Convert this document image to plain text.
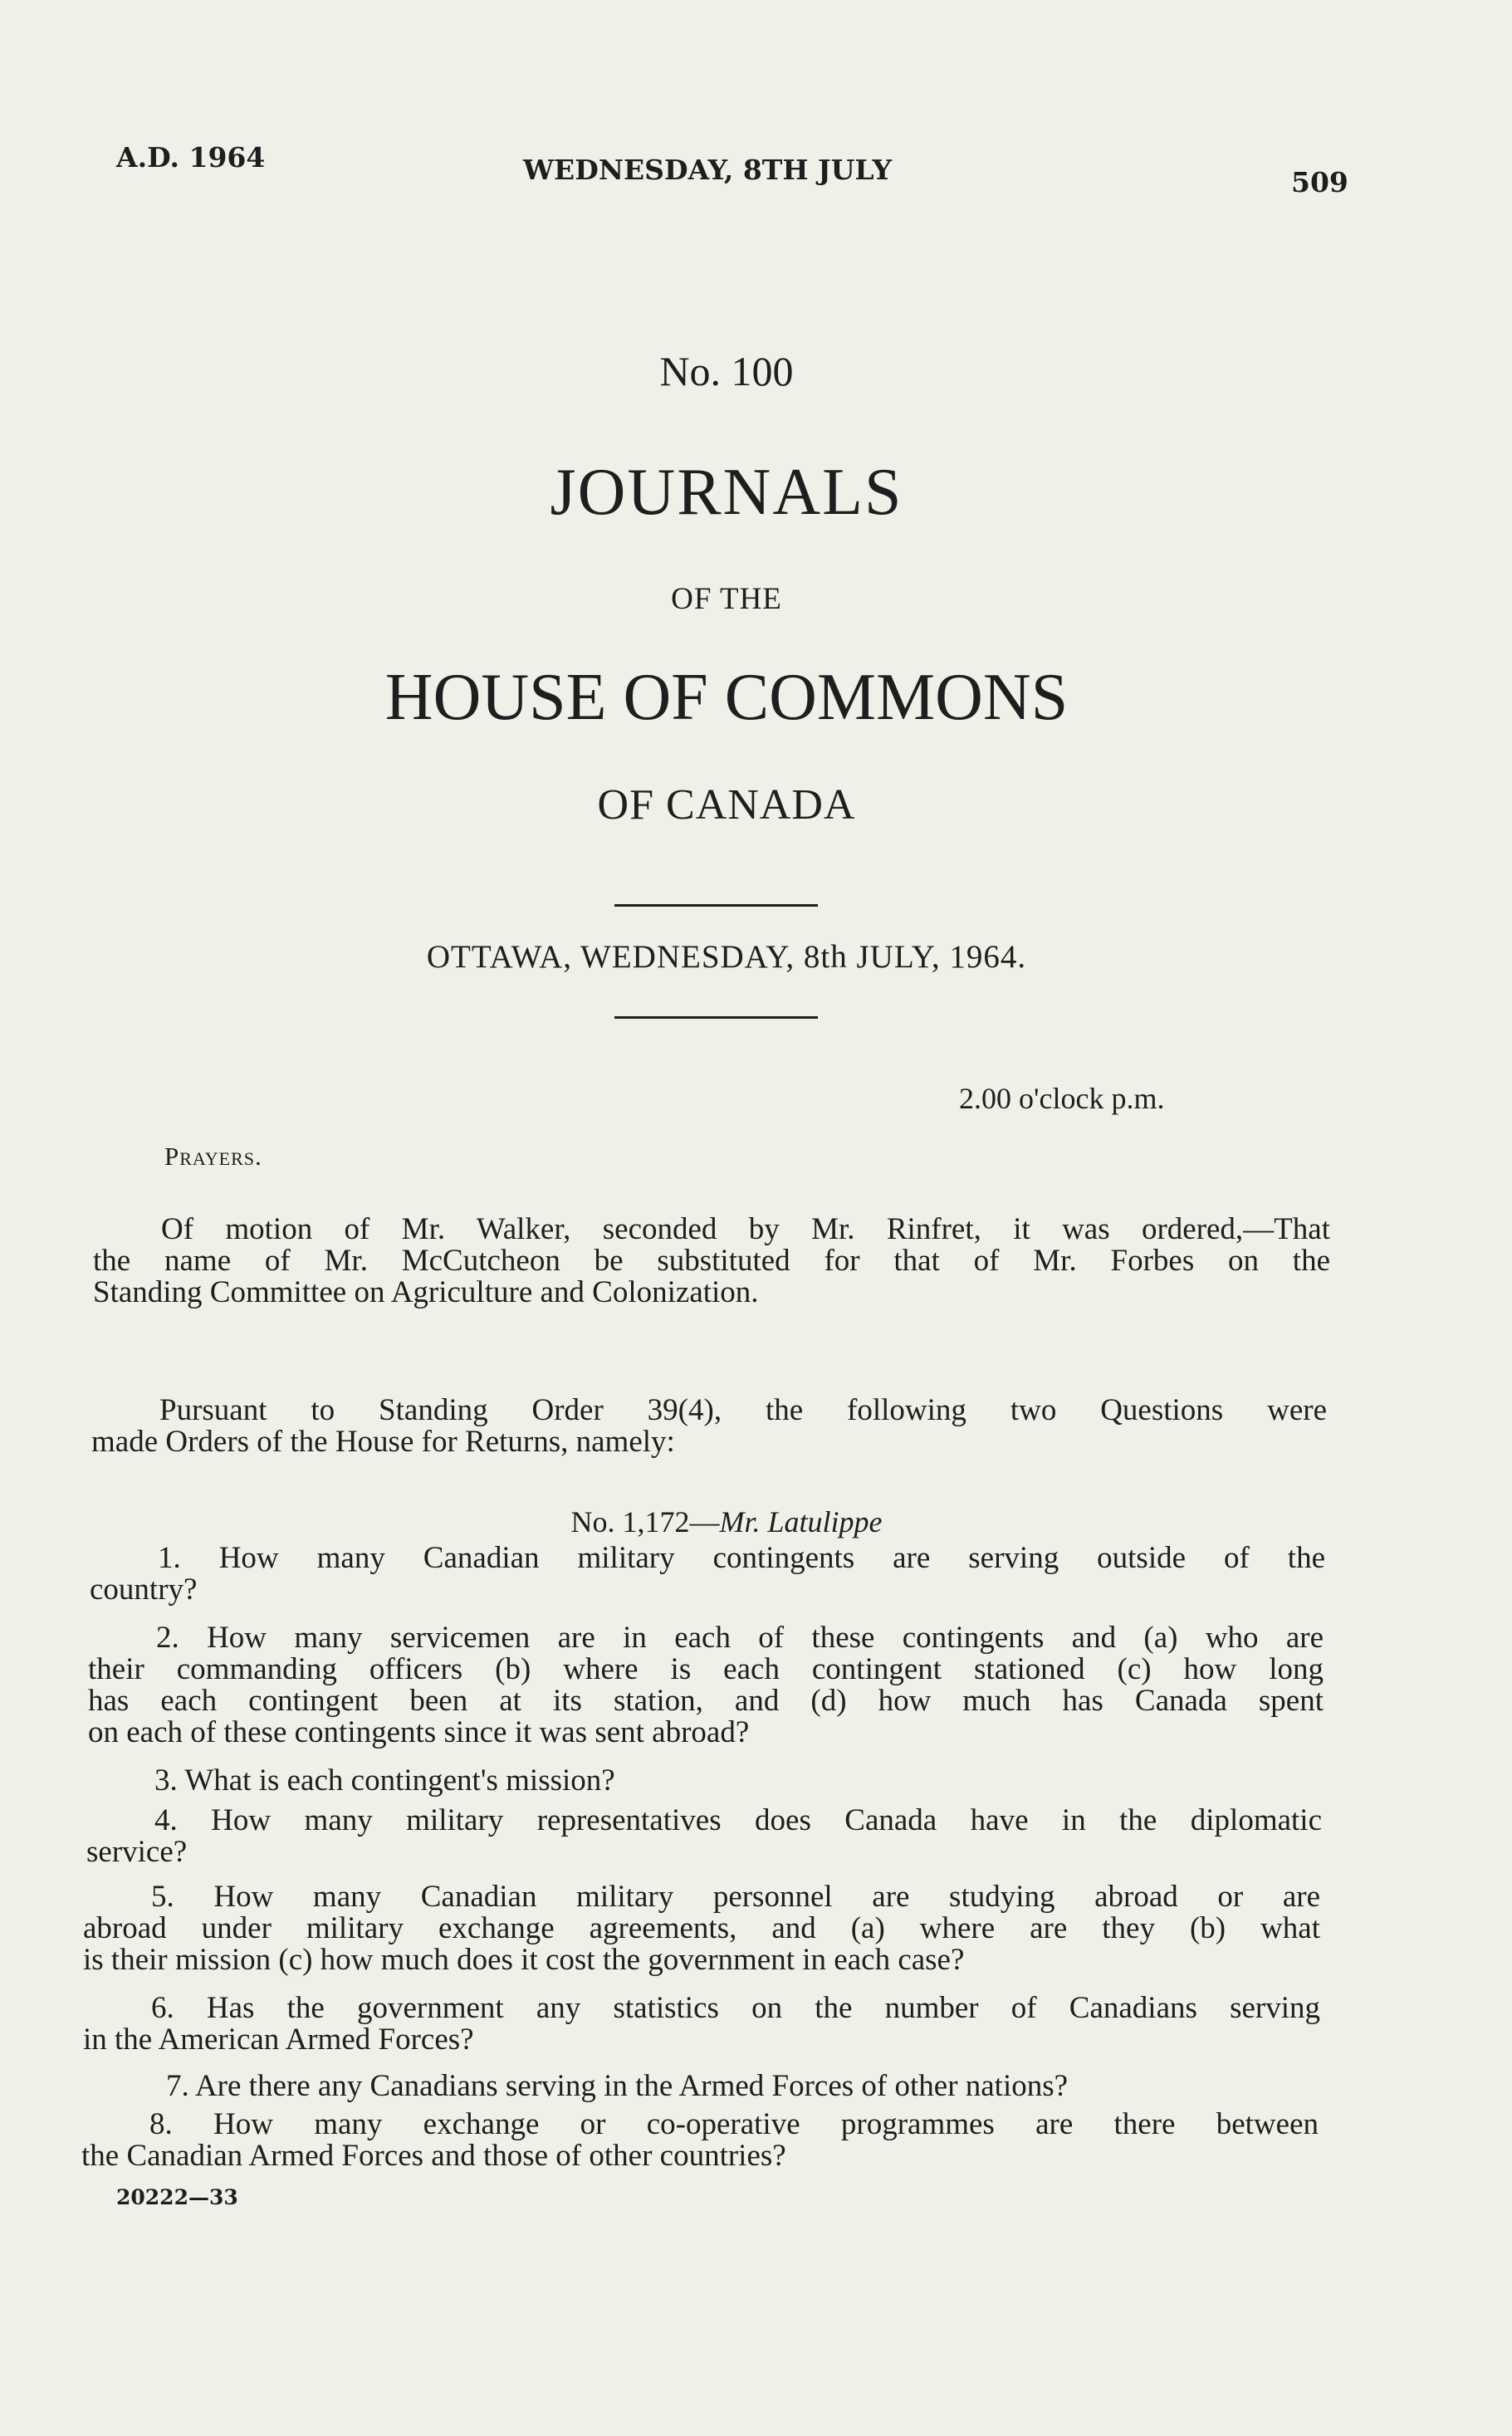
A.D. 1964	WEDNESDAY, 8TH JULY	509
No. 100
JOURNALS
OF THE
HOUSE OF COMMONS
OF CANADA
OTTAWA, WEDNESDAY, 8th JULY, 1964.
2.00 o'clock p.m.
Prayers.
Of motion of Mr. Walker, seconded by Mr. Rinfret, it was ordered,—That
the name of Mr. McCutcheon be substituted for that of Mr. Forbes on the
Standing Committee on Agriculture and Colonization.
Pursuant to Standing Order 39(4), the following two Questions were
made Orders of the House for Returns, namely:
No. 1,172—Mr. Latulippe
1. How many Canadian military contingents are serving outside of the
country?
2. How many servicemen are in each of these contingents and (a) who are
their commanding officers (b) where is each contingent stationed (c) how long
has each contingent been at its station, and (d) how much has Canada spent
on each of these contingents since it was sent abroad?
3. What is each contingent's mission?
4. How many military representatives does Canada have in the diplomatic
service?
5. How many Canadian military personnel are studying abroad or are
abroad under military exchange agreements, and (a) where are they (b) what
is their mission (c) how much does it cost the government in each case?
6. Has the government any statistics on the number of Canadians serving
in the American Armed Forces?
7. Are there any Canadians serving in the Armed Forces of other nations?
8. How many exchange or co-operative programmes are there between
the Canadian Armed Forces and those of other countries?
20222—33
